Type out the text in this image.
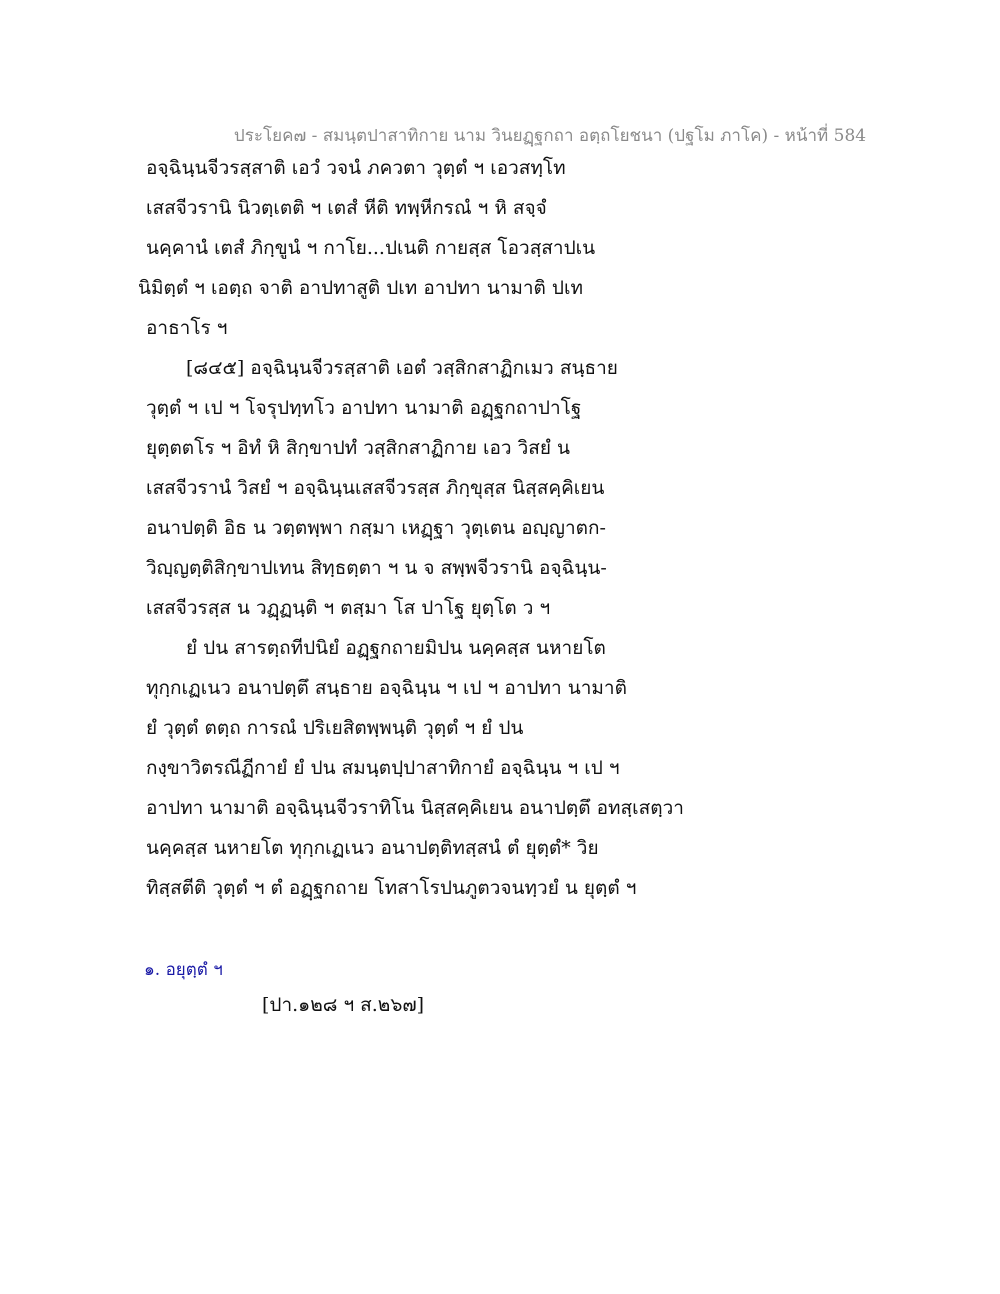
ประโยค๗ - สมนฺตปาสาทิกาย นาม วินยฏฺฐกถา อตฺถโยชนา (ปฐโม ภาโค) - หน้าที่ 584
อจฺฉินฺนจีวรสฺสาติ เอวํ วจนํ ภควตา วุตฺตํ ฯ เอวสทฺโท
เสสจีวรานิ นิวตฺเตติ ฯ เตสํ หีติ ทพฺหีกรณํ ฯ หิ สจฺจํ
นคฺคานํ เตสํ ภิกฺขูนํ ฯ กาโย...ปเนติ กายสฺส โอวสฺสาปเน
นิมิตฺตํ ฯ เอตฺถ จาติ อาปทาสูติ ปเท อาปทา นามาติ ปเท
อาธาโร ฯ
[๘๔๕] อจฺฉินฺนจีวรสฺสาติ เอตํ วสฺสิกสาฏิกเมว สนฺธาย
วุตฺตํ ฯ เป ฯ โจรุปทฺทโว อาปทา นามาติ อฏฺฐกถาปาโฐ
ยุตฺตตโร ฯ อิทํ หิ สิกฺขาปทํ วสฺสิกสาฏิกาย เอว วิสยํ น
เสสจีวรานํ วิสยํ ฯ อจฺฉินฺนเสสจีวรสฺส ภิกฺขุสฺส นิสฺสคฺคิเยน
อนาปตฺติ อิธ น วตฺตพฺพา กสฺมา เหฏฺฐา วุตฺเตน อญฺญาตก-
วิญฺญตฺติสิกฺขาปเทน สิทฺธตฺตา ฯ น จ สพฺพจีวรานิ อจฺฉินฺน-
เสสจีวรสฺส น วฏฺฏนฺติ ฯ ตสฺมา โส ปาโฐ ยุตฺโต ว ฯ
ยํ ปน สารตฺถทีปนิยํ อฏฺฐกถายมิปน นคฺคสฺส นหายโต
ทุกฺกเฏเนว อนาปตฺตึ สนฺธาย อจฺฉินฺน ฯ เป ฯ อาปทา นามาติ
ยํ วุตฺตํ ตตฺถ การณํ ปริเยสิตพฺพนฺติ วุตฺตํ ฯ ยํ ปน
กงฺขาวิตรณีฏีกายํ ยํ ปน สมนฺตปฺปาสาทิกายํ อจฺฉินฺน ฯ เป ฯ
อาปทา นามาติ อจฺฉินฺนจีวราทิโน นิสฺสคฺคิเยน อนาปตฺตึ อทสฺเสตฺวา
นคฺคสฺส นหายโต ทุกฺกเฏเนว อนาปตฺติทสฺสนํ ตํ ยุตฺตํ* วิย
ทิสฺสตีติ วุตฺตํ ฯ ตํ อฏฺฐกถาย โทสาโรปนภูตวจนทฺวยํ น ยุตฺตํ ฯ
๑. อยุตฺตํ ฯ
[ปา.๑๒๘ ฯ ส.๒๖๗]
